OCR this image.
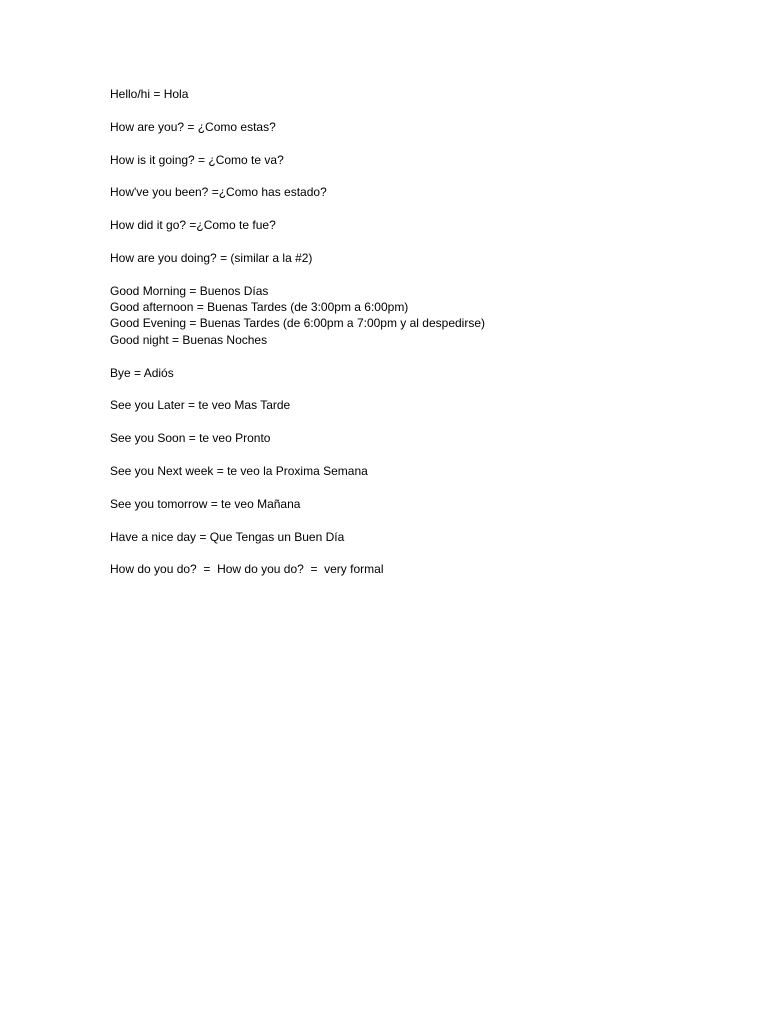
Hello/hi = Hola

How are you? = ¿Como estas?

How is it going? = ¿Como te va?

How've you been? =¿Como has estado?

How did it go? =¿Como te fue?

How are you doing? = (similar a la #2)

Good Morning = Buenos Días

Good afternoon = Buenas Tardes (de 3:00pm a 6:00pm)

Good Evening = Buenas Tardes (de 6:00pm a 7:00pm y al despedirse)

Good night = Buenas Noches

Bye = Adiós

See you Later = te veo Mas Tarde

See you Soon = te veo Pronto

See you Next week = te veo la Proxima Semana

See you tomorrow = te veo Mañana

Have a nice day = Que Tengas un Buen Día

How do you do?  =  How do you do?  =  very formal
